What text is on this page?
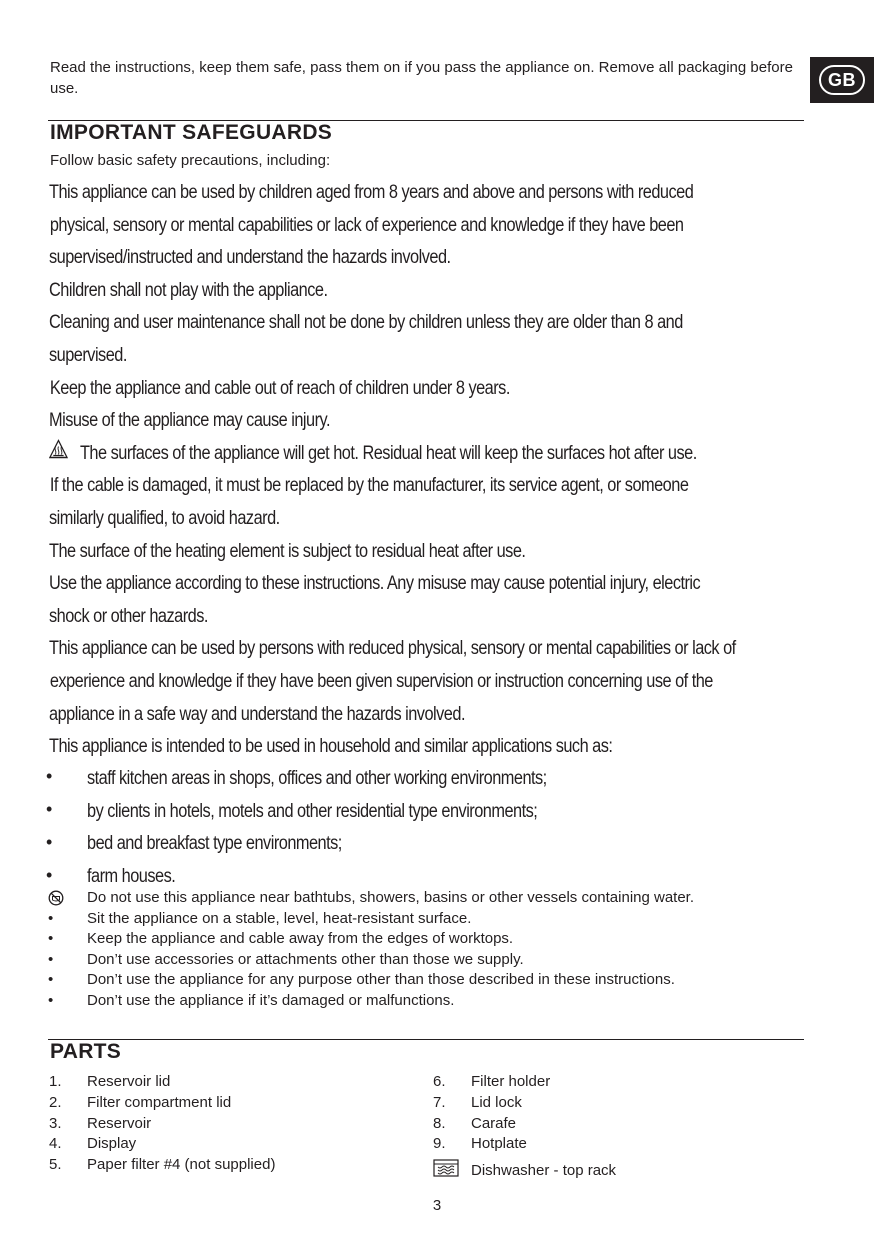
GB
Read the instructions, keep them safe, pass them on if you pass the appliance on. Remove all packaging before use.
IMPORTANT SAFEGUARDS
Follow basic safety precautions, including:
This appliance can be used by children aged from 8 years and above and persons with reduced
physical, sensory or mental capabilities or lack of experience and knowledge if they have been
supervised/instructed and understand the hazards involved.
Children shall not play with the appliance.
Cleaning and user maintenance shall not be done by children unless they are older than 8 and
supervised.
Keep the appliance and cable out of reach of children under 8 years.
Misuse of the appliance may cause injury.
The surfaces of the appliance will get hot. Residual heat will keep the surfaces hot after use.
If the cable is damaged, it must be replaced by the manufacturer, its service agent, or someone
similarly qualified, to avoid hazard.
The surface of the heating element is subject to residual heat after use.
Use the appliance according to these instructions. Any misuse may cause potential injury, electric
shock or other hazards.
This appliance can be used by persons with reduced physical, sensory or mental capabilities or lack of
experience and knowledge if they have been given supervision or instruction concerning use of the
appliance in a safe way and understand the hazards involved.
This appliance is intended to be used in household and similar applications such as:
•
•
•
•
staff kitchen areas in shops, offices and other working environments;
by clients in hotels, motels and other residential type environments;
bed and breakfast type environments;
farm houses.
Do not use this appliance near bathtubs, showers, basins or other vessels containing water.
•	Sit the appliance on a stable, level, heat-resistant surface.
•	Keep the appliance and cable away from the edges of worktops.
•	Don’t use accessories or attachments other than those we supply.
•	Don’t use the appliance for any purpose other than those described in these instructions.
•	Don’t use the appliance if it’s damaged or malfunctions.
PARTS
1.	Reservoir lid
2.	Filter compartment lid
3.	Reservoir
4.	Display
5.	Paper filter #4 (not supplied)
6.	Filter holder
7.	Lid lock
8.	Carafe
9.	Hotplate
Dishwasher - top rack
3
